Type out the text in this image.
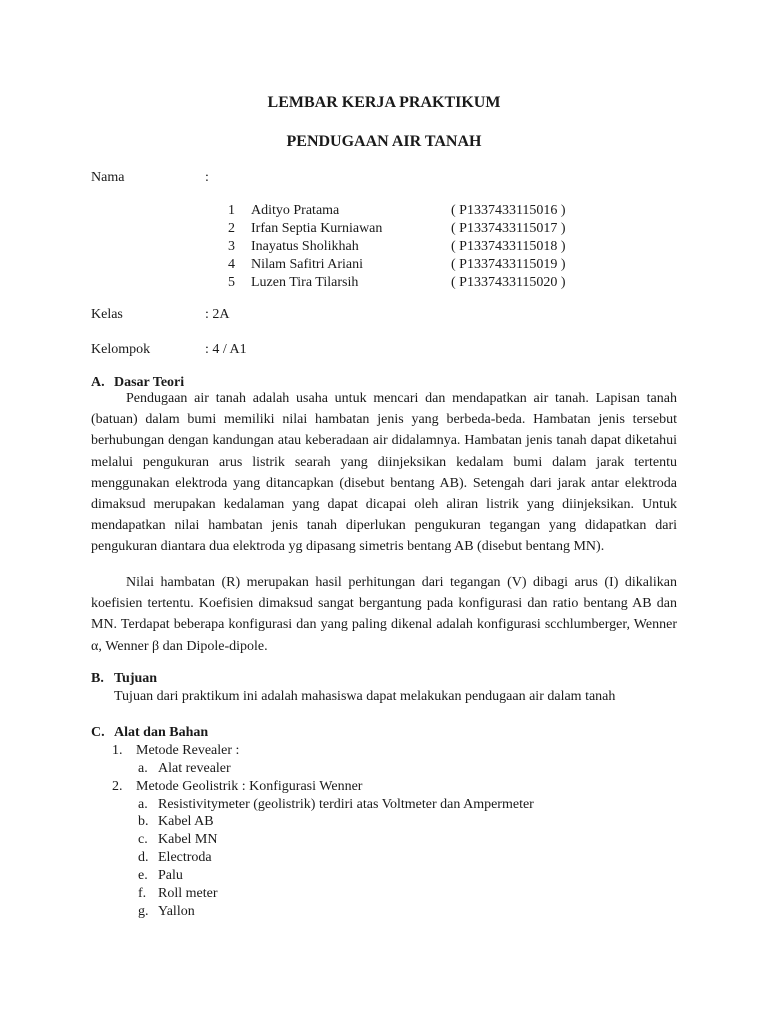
LEMBAR KERJA PRAKTIKUM
PENDUGAAN AIR TANAH
Nama	:
1 Adityo Pratama	( P1337433115016 )
2 Irfan Septia Kurniawan	( P1337433115017 )
3 Inayatus Sholikhah	( P1337433115018 )
4 Nilam Safitri Ariani	( P1337433115019 )
5 Luzen Tira Tilarsih	( P1337433115020 )
Kelas	: 2A
Kelompok	: 4 / A1
A. Dasar Teori

Pendugaan air tanah adalah usaha untuk mencari dan mendapatkan air tanah. Lapisan tanah (batuan) dalam bumi memiliki nilai hambatan jenis yang berbeda-beda. Hambatan jenis tersebut berhubungan dengan kandungan atau keberadaan air didalamnya. Hambatan jenis tanah dapat diketahui melalui pengukuran arus listrik searah yang diinjeksikan kedalam bumi dalam jarak tertentu menggunakan elektroda yang ditancapkan (disebut bentang AB). Setengah dari jarak antar elektroda dimaksud merupakan kedalaman yang dapat dicapai oleh aliran listrik yang diinjeksikan. Untuk mendapatkan nilai hambatan jenis tanah diperlukan pengukuran tegangan yang didapatkan dari pengukuran diantara dua elektroda yg dipasang simetris bentang AB (disebut bentang MN).

Nilai hambatan (R) merupakan hasil perhitungan dari tegangan (V) dibagi arus (I) dikalikan koefisien tertentu. Koefisien dimaksud sangat bergantung pada konfigurasi dan ratio bentang AB dan MN. Terdapat beberapa konfigurasi dan yang paling dikenal adalah konfigurasi scchlumberger, Wenner α, Wenner β dan Dipole-dipole.

B. Tujuan
Tujuan dari praktikum ini adalah mahasiswa dapat melakukan pendugaan air dalam tanah
C. Alat dan Bahan
1. Metode Revealer :
a. Alat revealer
2. Metode Geolistrik : Konfigurasi Wenner
a. Resistivitymeter (geolistrik) terdiri atas Voltmeter dan Ampermeter
b. Kabel AB
c. Kabel MN
d. Electroda
e. Palu
f. Roll meter
g. Yallon
